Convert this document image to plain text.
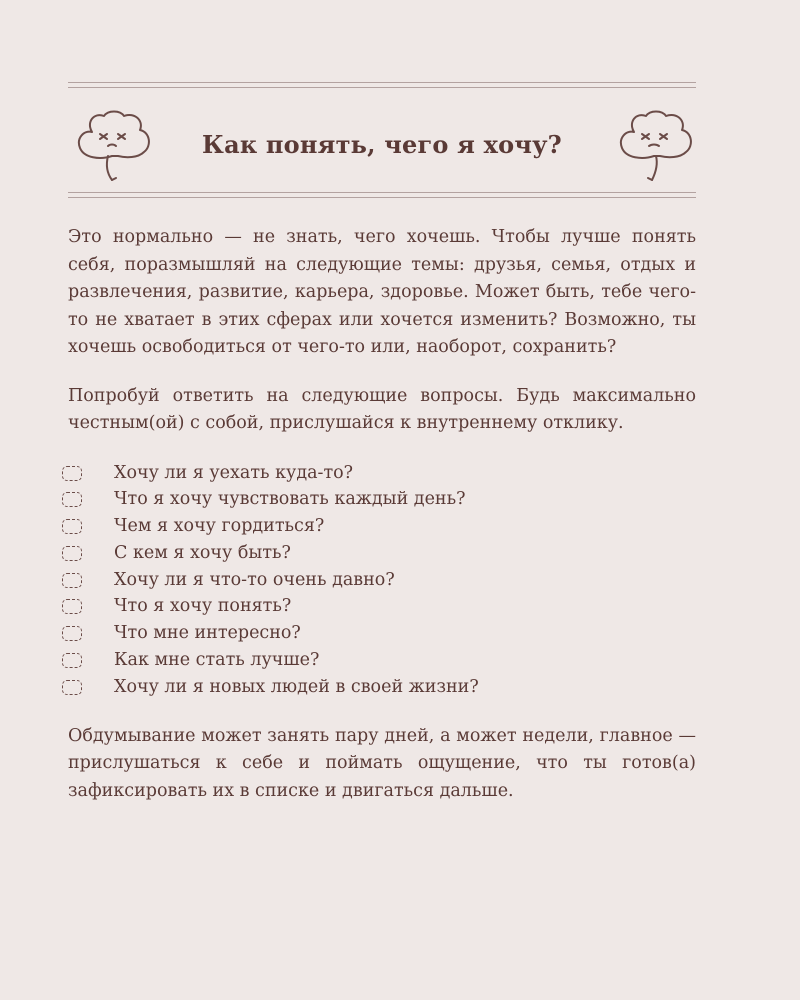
Как понять, чего я хочу?

Это нормально — не знать, чего хочешь. Чтобы лучше понять себя, поразмышляй на следующие темы: друзья, семья, отдых и развлечения, развитие, карьера, здоровье. Может быть, тебе чего-то не хватает в этих сферах или хочется изменить? Возможно, ты хочешь освободиться от чего-то или, наоборот, сохранить?

Попробуй ответить на следующие вопросы. Будь максимально честным(ой) с собой, прислушайся к внутреннему отклику.

Хочу ли я уехать куда-то?
Что я хочу чувствовать каждый день?
Чем я хочу гордиться?
С кем я хочу быть?
Хочу ли я что-то очень давно?
Что я хочу понять?
Что мне интересно?
Как мне стать лучше?
Хочу ли я новых людей в своей жизни?

Обдумывание может занять пару дней, а может недели, главное — прислушаться к себе и поймать ощущение, что ты готов(а) зафиксировать их в списке и двигаться дальше.
